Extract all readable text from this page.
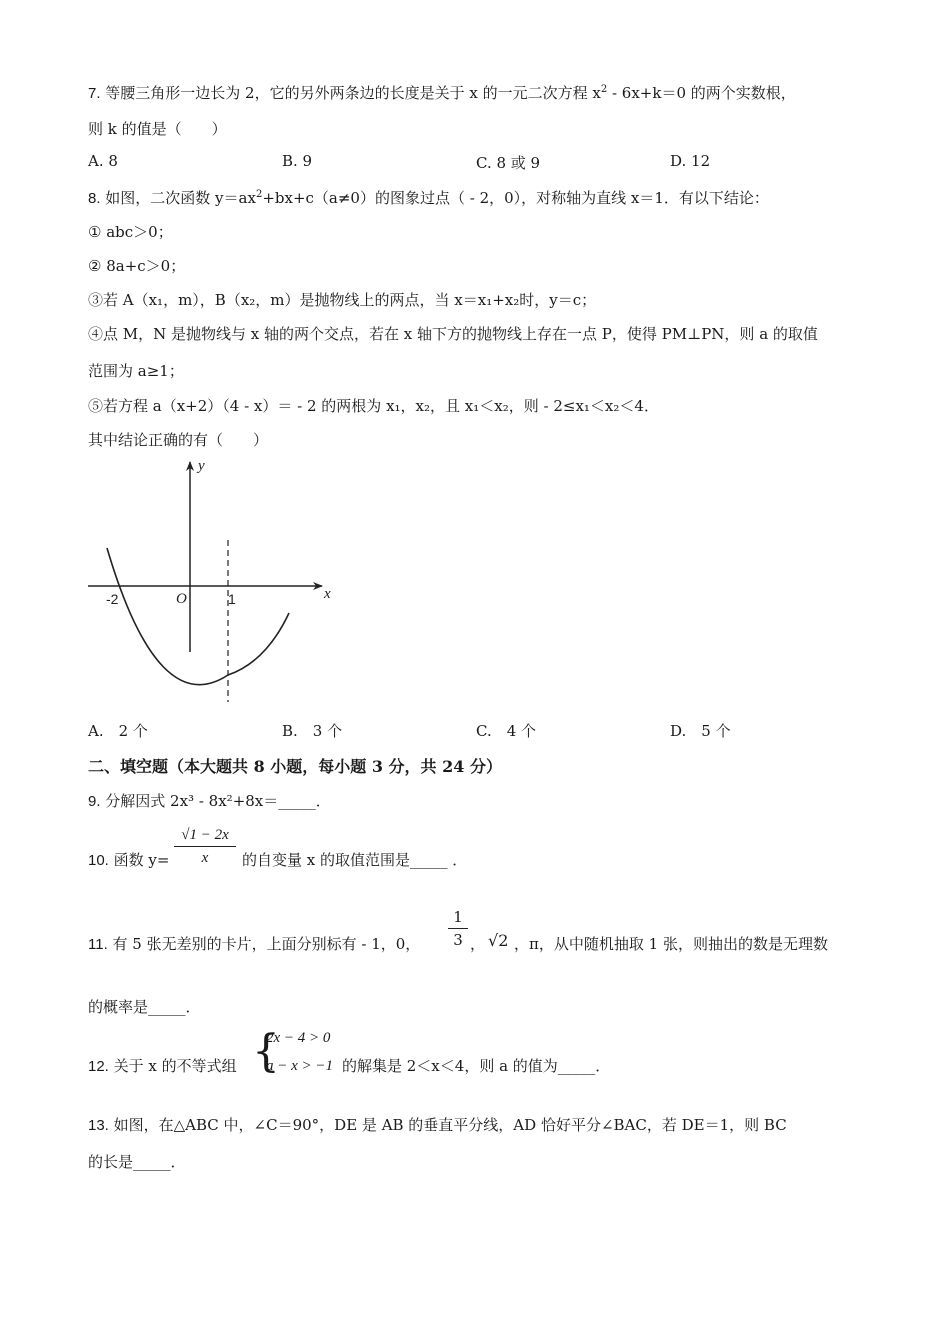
7. 等腰三角形一边长为 2，它的另外两条边的长度是关于 x 的一元二次方程 $x^2 - 6x+k=0$ 的两个实数根，
则 k 的值是（　　）
A. 8	B. 9	C. 8 或 9	D. 12
8. 如图，二次函数 $y=ax^2+bx+c(a\ne 0)$的图象过点（ - 2，0），对称轴为直线 x＝1．有以下结论：
① abc＞0；
② 8a+c＞0；
③若 A（x₁，m），B（x₂，m）是抛物线上的两点，当 x＝x₁+x₂时，y＝c；
④点 M，N 是抛物线与 x 轴的两个交点，若在 x 轴下方的抛物线上存在一点 P，使得 PM⊥PN，则 a 的取值
范围为 a≥1；
⑤若方程 a（x+2）（4 - x）＝ - 2 的两根为 x₁，x₂，且 x₁＜x₂，则 - 2≤x₁＜x₂＜4．
其中结论正确的有（　　）
y
x
O
-2	1
A.　2 个	B.　3 个	C.　4 个	D.　5 个
二、填空题（本大题共 8 小题，每小题 3 分，共 24 分）
9. 分解因式 2x³ - 8x²+8x＝_____．
10. 函数 y=
√1 − 2x
x	的自变量 x 的取值范围是_____ ．
11. 有 5 张无差别的卡片，上面分别标有 - 1，0，
1
3 ， √2 ，π，从中随机抽取 1 张，则抽出的数是无理数
的概率是_____．
12. 关于 x 的不等式组 {
2x − 4 > 0
a − x > −1 的解集是 2＜x＜4，则 a 的值为_____．
13. 如图，在△ABC 中，∠C＝90°，DE 是 AB 的垂直平分线，AD 恰好平分∠BAC，若 DE＝1，则 BC
的长是_____．
